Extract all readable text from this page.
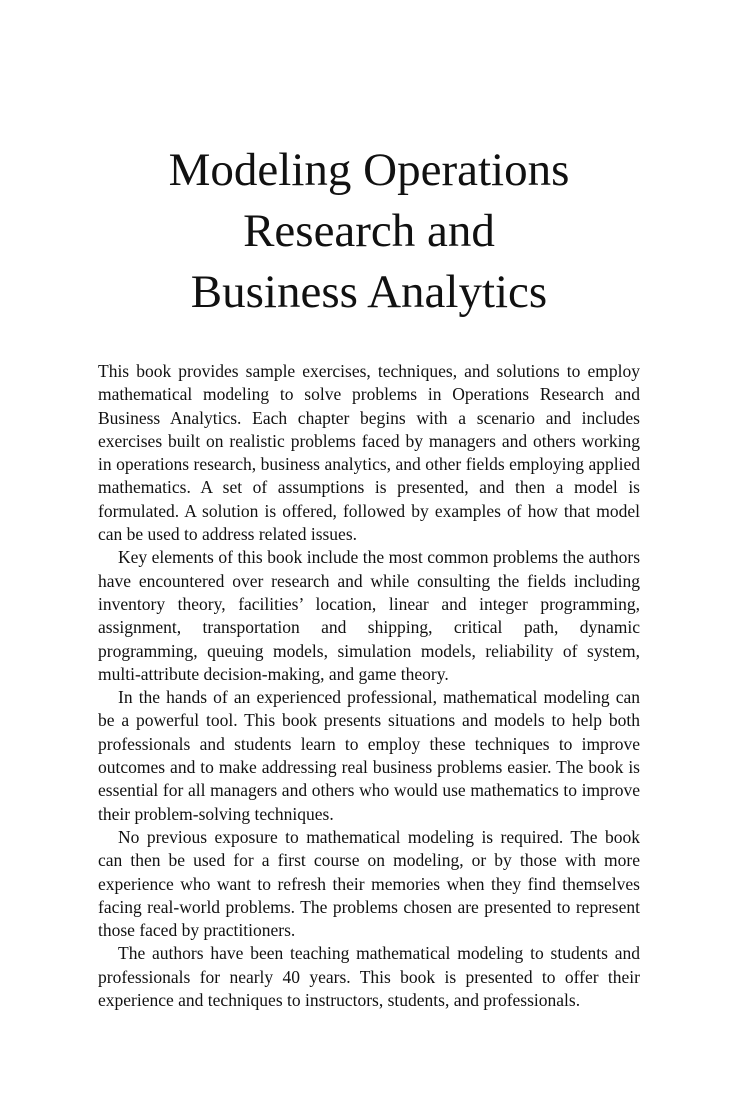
Modeling Operations
Research and
Business Analytics

This book provides sample exercises, techniques, and solutions to employ mathematical modeling to solve problems in Operations Research and Business Analytics. Each chapter begins with a scenario and includes exercises built on realistic problems faced by managers and others working in operations research, business analytics, and other fields employing applied mathematics. A set of assumptions is presented, and then a model is formulated. A solution is offered, followed by examples of how that model can be used to address related issues.

Key elements of this book include the most common problems the authors have encountered over research and while consulting the fields including inventory theory, facilities’ location, linear and integer programming, assignment, transportation and shipping, critical path, dynamic programming, queuing models, simulation models, reliability of system, multi-attribute decision-making, and game theory.

In the hands of an experienced professional, mathematical modeling can be a powerful tool. This book presents situations and models to help both professionals and students learn to employ these techniques to improve outcomes and to make addressing real business problems easier. The book is essential for all managers and others who would use mathematics to improve their problem-solving techniques.

No previous exposure to mathematical modeling is required. The book can then be used for a first course on modeling, or by those with more experience who want to refresh their memories when they find themselves facing real-world problems. The problems chosen are presented to represent those faced by practitioners.

The authors have been teaching mathematical modeling to students and professionals for nearly 40 years. This book is presented to offer their experience and techniques to instructors, students, and professionals.
